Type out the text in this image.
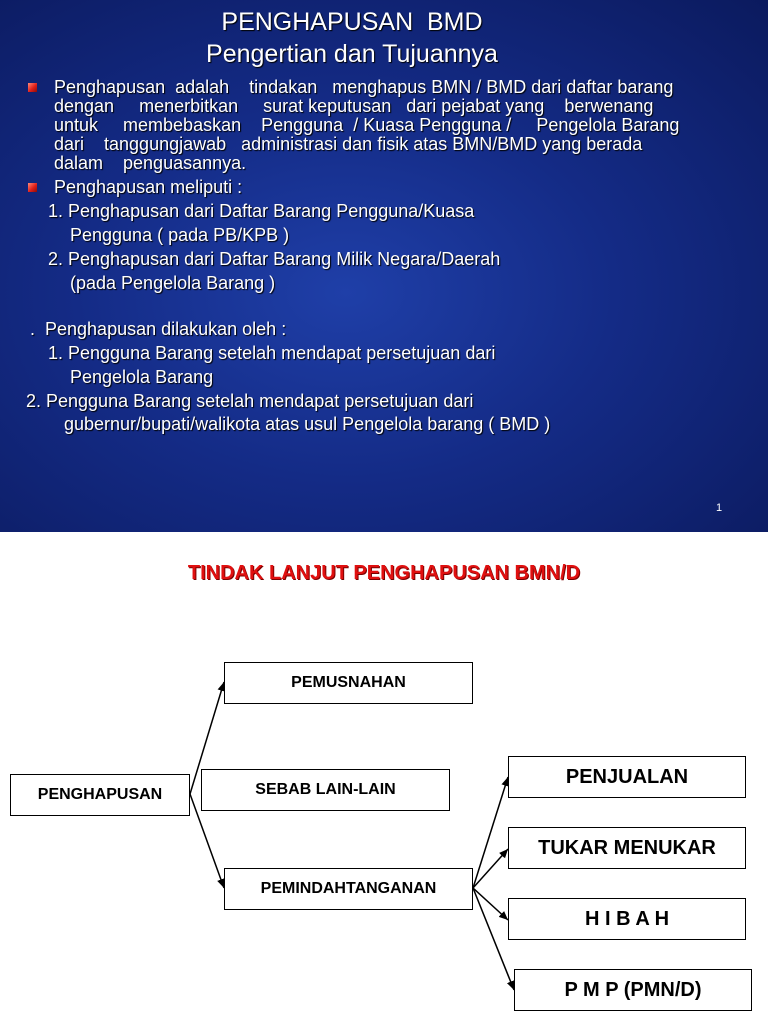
PENGHAPUSAN  BMD
Pengertian dan Tujuannya
Penghapusan  adalah    tindakan   menghapus BMN / BMD dari daftar barang
dengan     menerbitkan     surat keputusan   dari pejabat yang    berwenang
untuk     membebaskan    Pengguna  / Kuasa Pengguna /     Pengelola Barang
dari    tanggungjawab   administrasi dan fisik atas BMN/BMD yang berada
dalam    penguasannya.
Penghapusan meliputi :
1. Penghapusan dari Daftar Barang Pengguna/Kuasa
Pengguna ( pada PB/KPB )
2. Penghapusan dari Daftar Barang Milik Negara/Daerah
(pada Pengelola Barang )
.  Penghapusan dilakukan oleh :
1. Pengguna Barang setelah mendapat persetujuan dari
Pengelola Barang
2. Pengguna Barang setelah mendapat persetujuan dari
gubernur/bupati/walikota atas usul Pengelola barang ( BMD )
1
TINDAK LANJUT PENGHAPUSAN BMN/D
PENGHAPUSAN
PEMUSNAHAN
SEBAB LAIN-LAIN
PEMINDAHTANGANAN
PENJUALAN
TUKAR MENUKAR
H I B A H
P M P (PMN/D)
